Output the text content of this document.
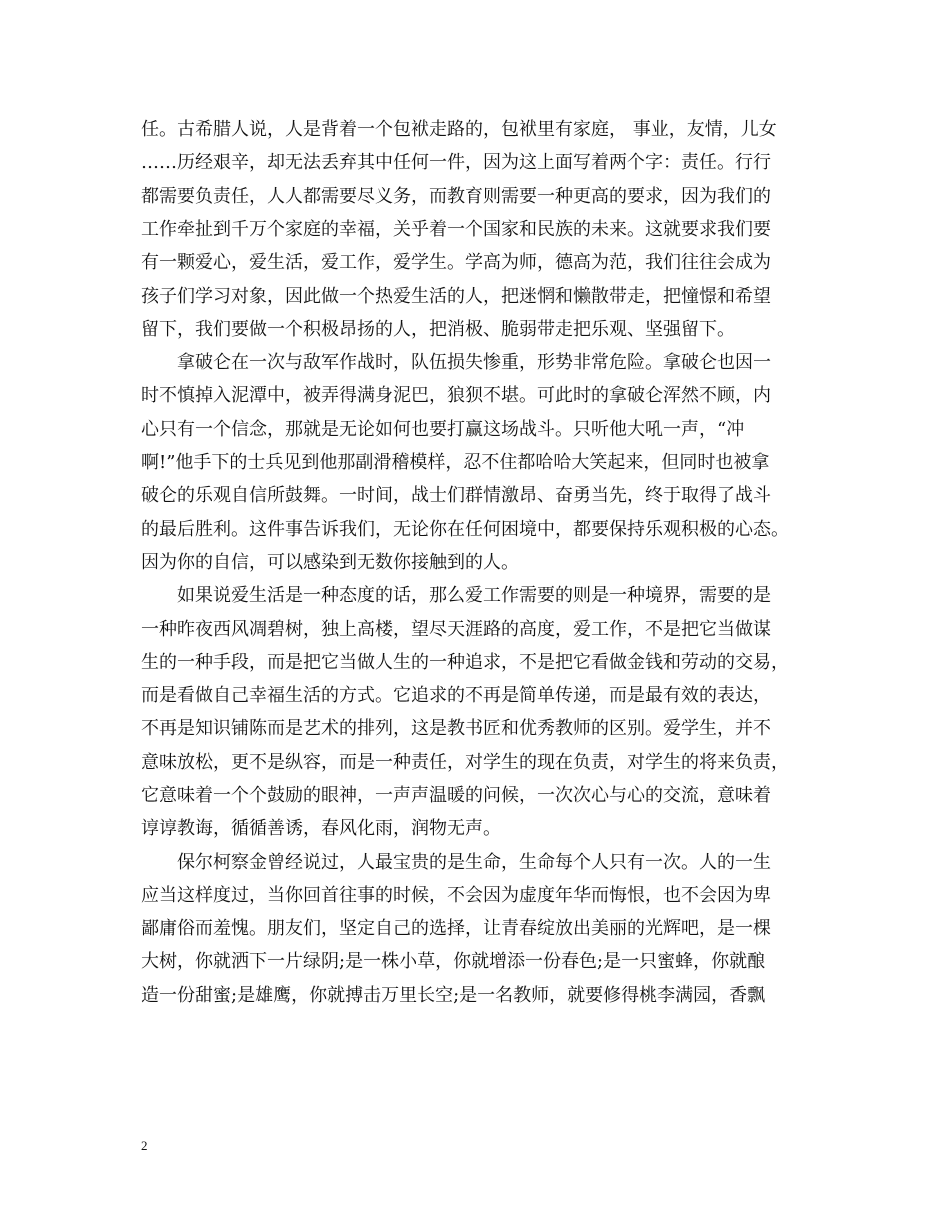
任。古希腊人说，人是背着一个包袱走路的，包袱里有家庭， 事业，友情，儿女
……历经艰辛，却无法丢弃其中任何一件，因为这上面写着两个字：责任。行行
都需要负责任，人人都需要尽义务，而教育则需要一种更高的要求，因为我们的
工作牵扯到千万个家庭的幸福，关乎着一个国家和民族的未来。这就要求我们要
有一颗爱心，爱生活，爱工作，爱学生。学高为师，德高为范，我们往往会成为
孩子们学习对象，因此做一个热爱生活的人，把迷惘和懒散带走，把憧憬和希望
留下，我们要做一个积极昂扬的人，把消极、脆弱带走把乐观、坚强留下。
　　拿破仑在一次与敌军作战时，队伍损失惨重，形势非常危险。拿破仑也因一
时不慎掉入泥潭中，被弄得满身泥巴，狼狈不堪。可此时的拿破仑浑然不顾，内
心只有一个信念，那就是无论如何也要打赢这场战斗。只听他大吼一声，“冲
啊!”他手下的士兵见到他那副滑稽模样，忍不住都哈哈大笑起来，但同时也被拿
破仑的乐观自信所鼓舞。一时间，战士们群情激昂、奋勇当先，终于取得了战斗
的最后胜利。这件事告诉我们，无论你在任何困境中，都要保持乐观积极的心态。
因为你的自信，可以感染到无数你接触到的人。
　　如果说爱生活是一种态度的话，那么爱工作需要的则是一种境界，需要的是
一种昨夜西风凋碧树，独上高楼，望尽天涯路的高度，爱工作，不是把它当做谋
生的一种手段，而是把它当做人生的一种追求，不是把它看做金钱和劳动的交易，
而是看做自己幸福生活的方式。它追求的不再是简单传递，而是最有效的表达，
不再是知识铺陈而是艺术的排列，这是教书匠和优秀教师的区别。爱学生，并不
意味放松，更不是纵容，而是一种责任，对学生的现在负责，对学生的将来负责，
它意味着一个个鼓励的眼神，一声声温暖的问候，一次次心与心的交流，意味着
谆谆教诲，循循善诱，春风化雨，润物无声。
　　保尔柯察金曾经说过，人最宝贵的是生命，生命每个人只有一次。人的一生
应当这样度过，当你回首往事的时候，不会因为虚度年华而悔恨，也不会因为卑
鄙庸俗而羞愧。朋友们，坚定自己的选择，让青春绽放出美丽的光辉吧，是一棵
大树，你就洒下一片绿阴;是一株小草，你就增添一份春色;是一只蜜蜂，你就酿
造一份甜蜜;是雄鹰，你就搏击万里长空;是一名教师，就要修得桃李满园，香飘
2
